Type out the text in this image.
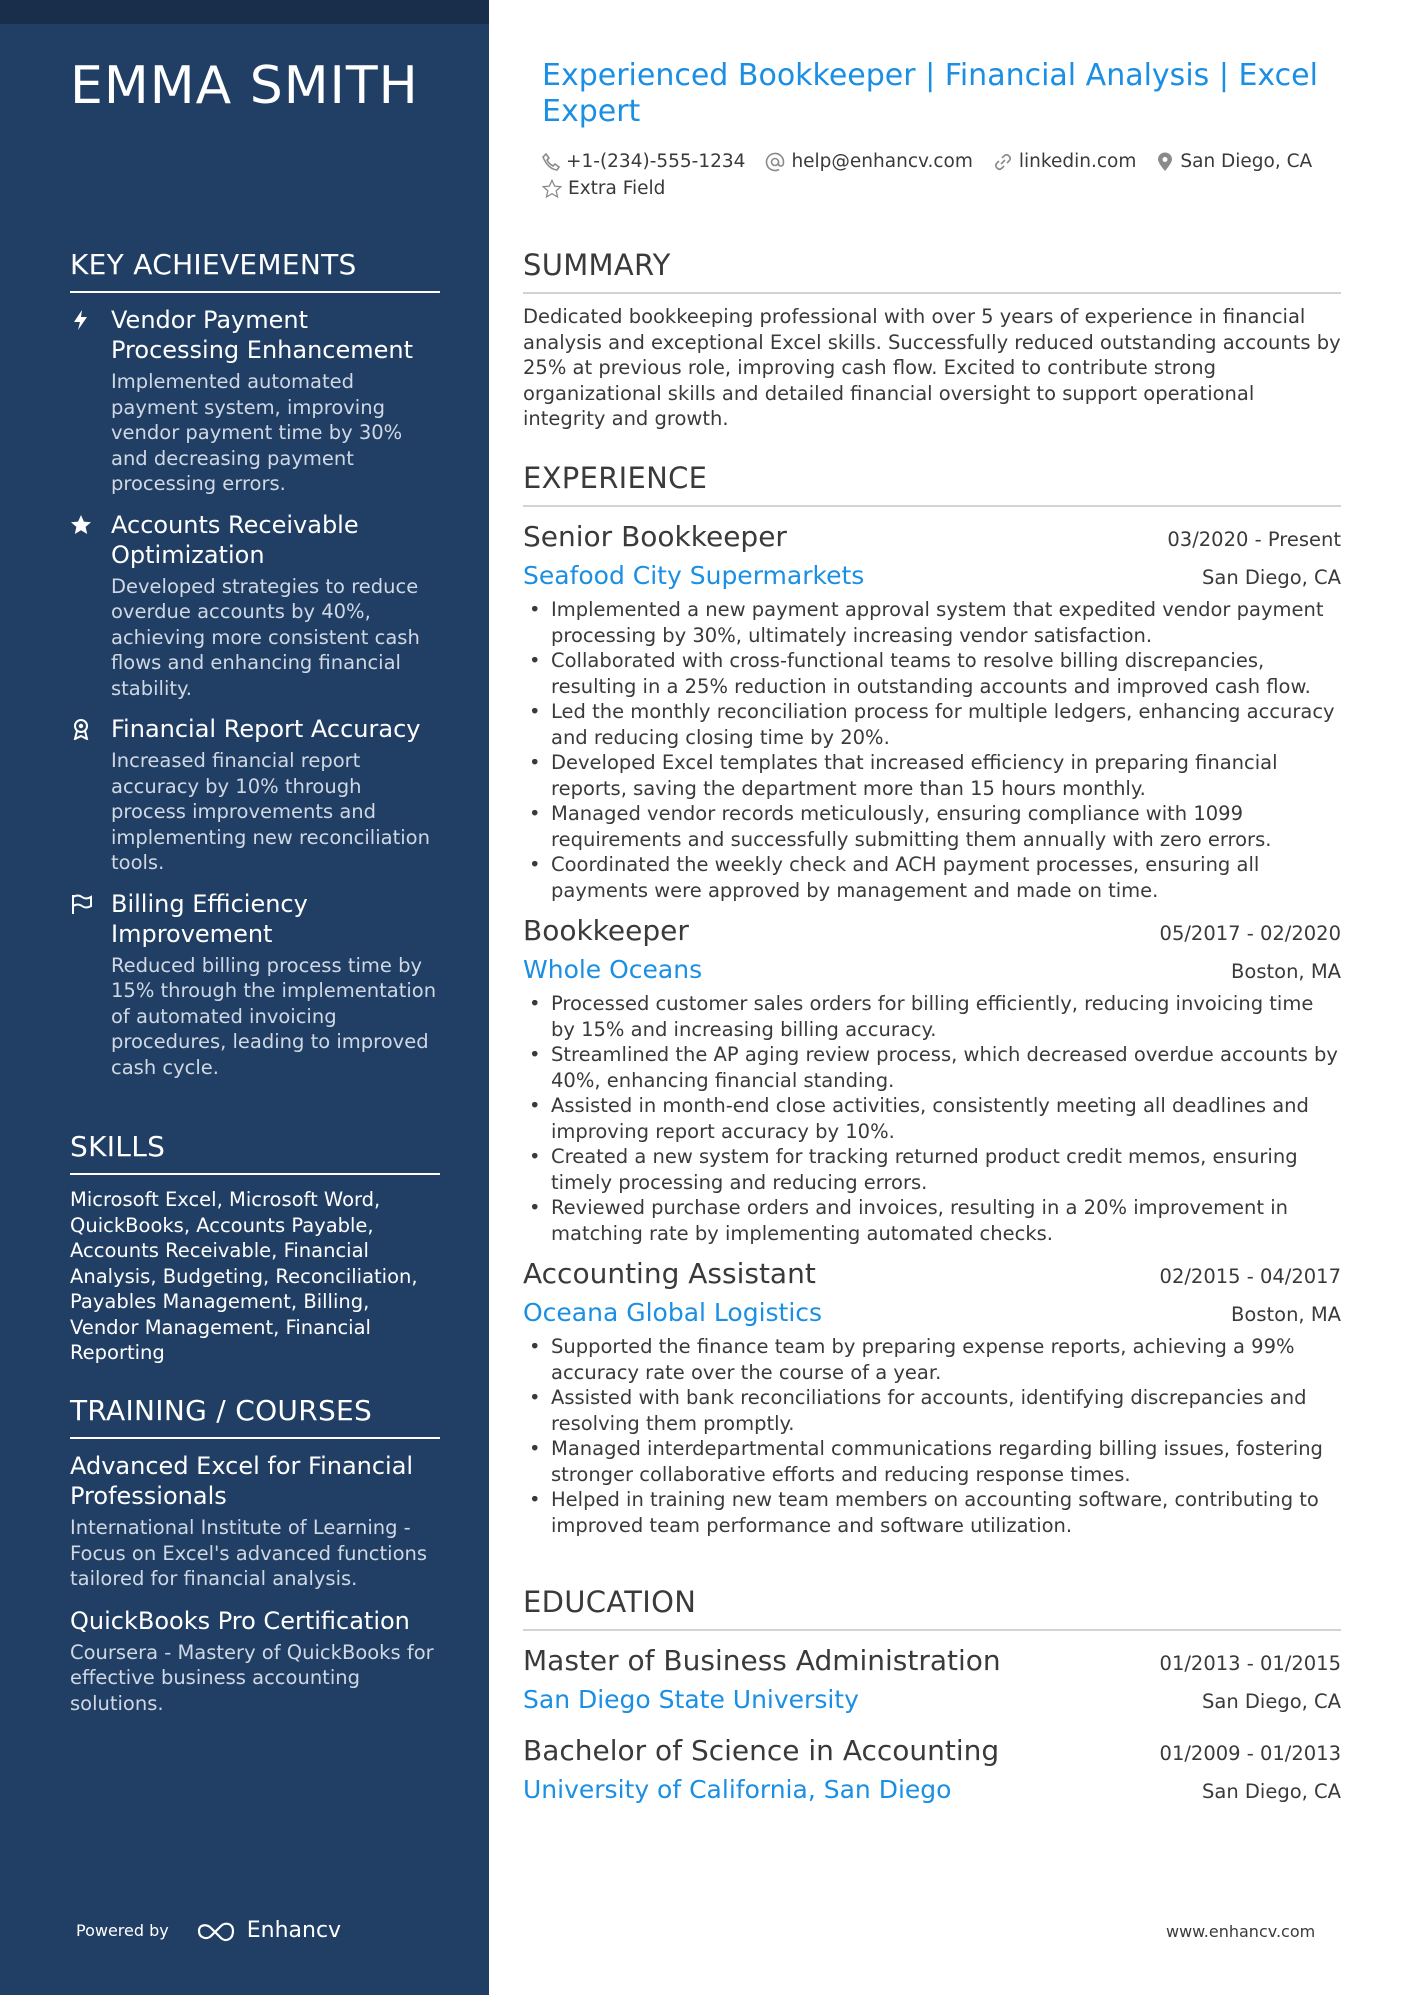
EMMA SMITH
KEY ACHIEVEMENTS
Vendor Payment Processing Enhancement
Implemented automated payment system, improving vendor payment time by 30% and decreasing payment processing errors.
Accounts Receivable Optimization
Developed strategies to reduce overdue accounts by 40%, achieving more consistent cash flows and enhancing financial stability.
Financial Report Accuracy
Increased financial report accuracy by 10% through process improvements and implementing new reconciliation tools.
Billing Efficiency Improvement
Reduced billing process time by 15% through the implementation of automated invoicing procedures, leading to improved cash cycle.
SKILLS
Microsoft Excel, Microsoft Word, QuickBooks, Accounts Payable, Accounts Receivable, Financial Analysis, Budgeting, Reconciliation, Payables Management, Billing, Vendor Management, Financial Reporting
TRAINING / COURSES
Advanced Excel for Financial Professionals
International Institute of Learning - Focus on Excel's advanced functions tailored for financial analysis.
QuickBooks Pro Certification
Coursera - Mastery of QuickBooks for effective business accounting solutions.
Powered by	Enhancv
Experienced Bookkeeper | Financial Analysis | Excel Expert
+1-(234)-555-1234 help@enhancv.com linkedin.com San Diego, CA
Extra Field
SUMMARY
Dedicated bookkeeping professional with over 5 years of experience in financial analysis and exceptional Excel skills. Successfully reduced outstanding accounts by 25% at previous role, improving cash flow. Excited to contribute strong organizational skills and detailed financial oversight to support operational integrity and growth.
EXPERIENCE
Senior Bookkeeper	03/2020 - Present
Seafood City Supermarkets	San Diego, CA
• Implemented a new payment approval system that expedited vendor payment processing by 30%, ultimately increasing vendor satisfaction.
• Collaborated with cross-functional teams to resolve billing discrepancies, resulting in a 25% reduction in outstanding accounts and improved cash flow.
• Led the monthly reconciliation process for multiple ledgers, enhancing accuracy and reducing closing time by 20%.
• Developed Excel templates that increased efficiency in preparing financial reports, saving the department more than 15 hours monthly.
• Managed vendor records meticulously, ensuring compliance with 1099 requirements and successfully submitting them annually with zero errors.
• Coordinated the weekly check and ACH payment processes, ensuring all payments were approved by management and made on time.
Bookkeeper	05/2017 - 02/2020
Whole Oceans	Boston, MA
• Processed customer sales orders for billing efficiently, reducing invoicing time by 15% and increasing billing accuracy.
• Streamlined the AP aging review process, which decreased overdue accounts by 40%, enhancing financial standing.
• Assisted in month-end close activities, consistently meeting all deadlines and improving report accuracy by 10%.
• Created a new system for tracking returned product credit memos, ensuring timely processing and reducing errors.
• Reviewed purchase orders and invoices, resulting in a 20% improvement in matching rate by implementing automated checks.
Accounting Assistant	02/2015 - 04/2017
Oceana Global Logistics	Boston, MA
• Supported the finance team by preparing expense reports, achieving a 99% accuracy rate over the course of a year.
• Assisted with bank reconciliations for accounts, identifying discrepancies and resolving them promptly.
• Managed interdepartmental communications regarding billing issues, fostering stronger collaborative efforts and reducing response times.
• Helped in training new team members on accounting software, contributing to improved team performance and software utilization.
EDUCATION
Master of Business Administration	01/2013 - 01/2015
San Diego State University	San Diego, CA
Bachelor of Science in Accounting	01/2009 - 01/2013
University of California, San Diego	San Diego, CA
www.enhancv.com
